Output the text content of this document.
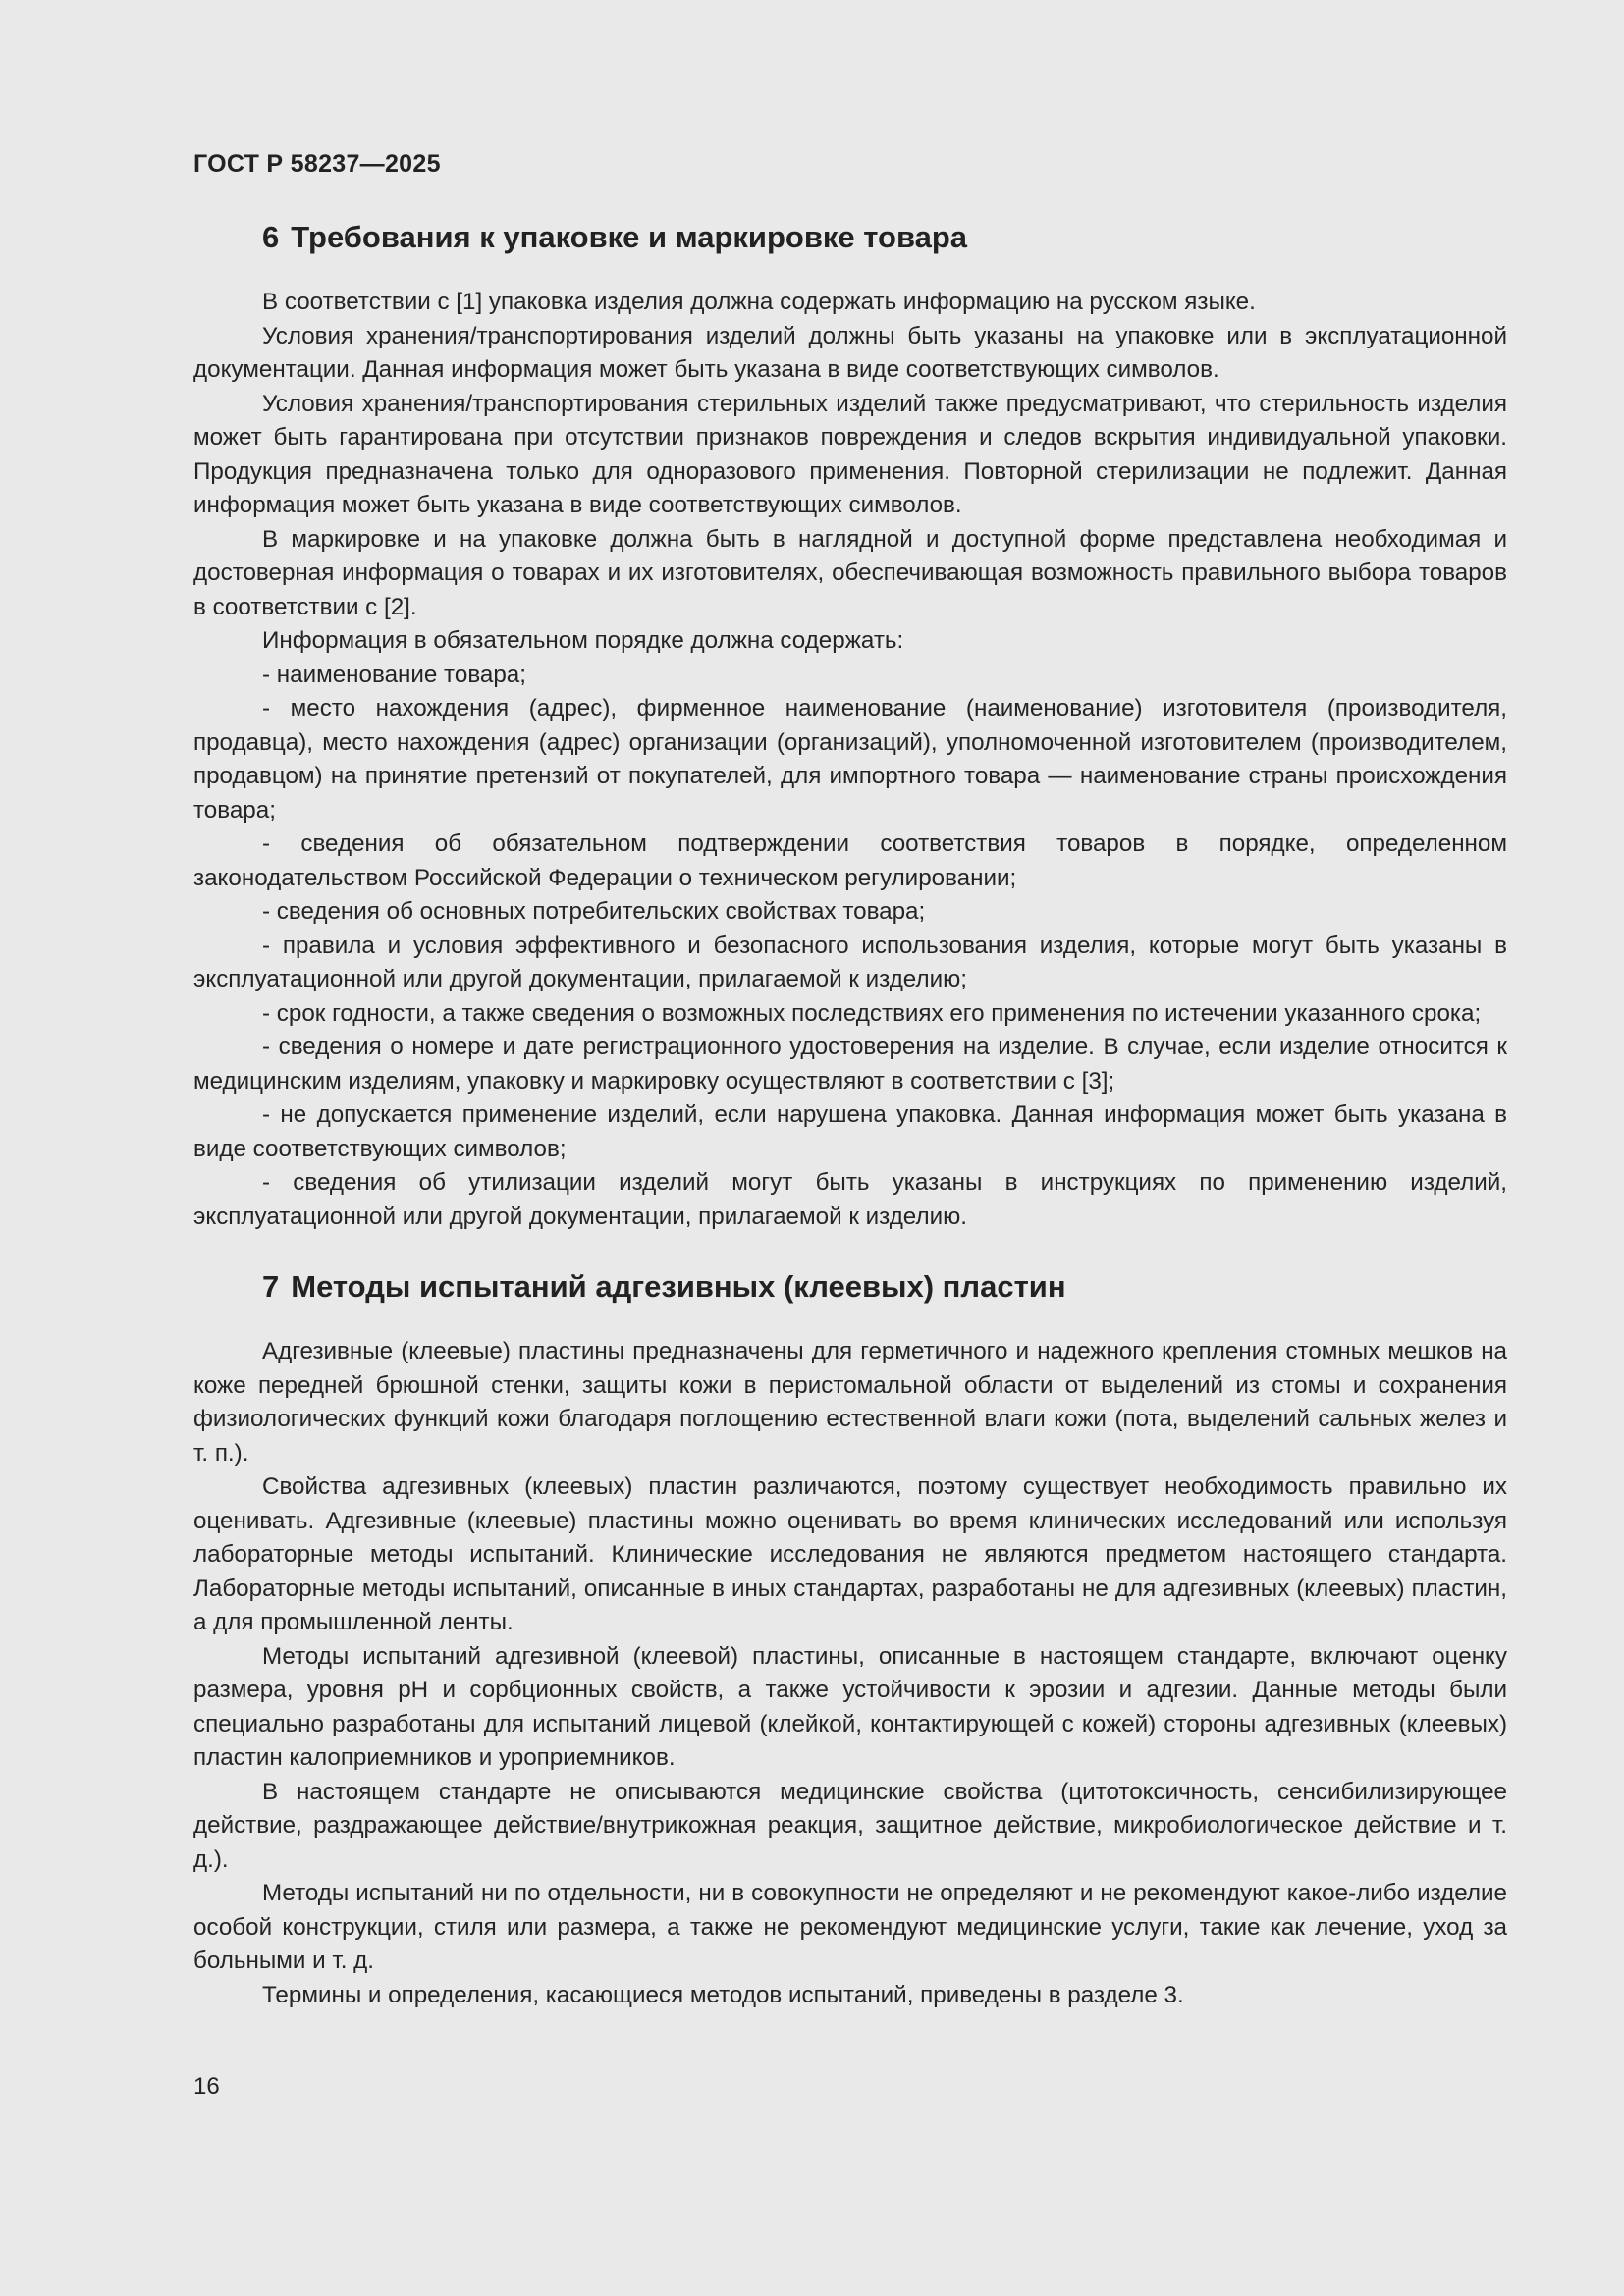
ГОСТ Р 58237—2025
6 Требования к упаковке и маркировке товара

В соответствии с [1] упаковка изделия должна содержать информацию на русском языке.

Условия хранения/транспортирования изделий должны быть указаны на упаковке или в эксплуатационной документации. Данная информация может быть указана в виде соответствующих символов.

Условия хранения/транспортирования стерильных изделий также предусматривают, что стерильность изделия может быть гарантирована при отсутствии признаков повреждения и следов вскрытия индивидуальной упаковки. Продукция предназначена только для одноразового применения. Повторной стерилизации не подлежит. Данная информация может быть указана в виде соответствующих символов.

В маркировке и на упаковке должна быть в наглядной и доступной форме представлена необходимая и достоверная информация о товарах и их изготовителях, обеспечивающая возможность правильного выбора товаров в соответствии с [2].

Информация в обязательном порядке должна содержать:

- наименование товара;

- место нахождения (адрес), фирменное наименование (наименование) изготовителя (производителя, продавца), место нахождения (адрес) организации (организаций), уполномоченной изготовителем (производителем, продавцом) на принятие претензий от покупателей, для импортного товара — наименование страны происхождения товара;

- сведения об обязательном подтверждении соответствия товаров в порядке, определенном законодательством Российской Федерации о техническом регулировании;

- сведения об основных потребительских свойствах товара;

- правила и условия эффективного и безопасного использования изделия, которые могут быть указаны в эксплуатационной или другой документации, прилагаемой к изделию;

- срок годности, а также сведения о возможных последствиях его применения по истечении указанного срока;

- сведения о номере и дате регистрационного удостоверения на изделие. В случае, если изделие относится к медицинским изделиям, упаковку и маркировку осуществляют в соответствии с [3];

- не допускается применение изделий, если нарушена упаковка. Данная информация может быть указана в виде соответствующих символов;

- сведения об утилизации изделий могут быть указаны в инструкциях по применению изделий, эксплуатационной или другой документации, прилагаемой к изделию.

7 Методы испытаний адгезивных (клеевых) пластин

Адгезивные (клеевые) пластины предназначены для герметичного и надежного крепления стомных мешков на коже передней брюшной стенки, защиты кожи в перистомальной области от выделений из стомы и сохранения физиологических функций кожи благодаря поглощению естественной влаги кожи (пота, выделений сальных желез и т. п.).

Свойства адгезивных (клеевых) пластин различаются, поэтому существует необходимость правильно их оценивать. Адгезивные (клеевые) пластины можно оценивать во время клинических исследований или используя лабораторные методы испытаний. Клинические исследования не являются предметом настоящего стандарта. Лабораторные методы испытаний, описанные в иных стандартах, разработаны не для адгезивных (клеевых) пластин, а для промышленной ленты.

Методы испытаний адгезивной (клеевой) пластины, описанные в настоящем стандарте, включают оценку размера, уровня pH и сорбционных свойств, а также устойчивости к эрозии и адгезии. Данные методы были специально разработаны для испытаний лицевой (клейкой, контактирующей с кожей) стороны адгезивных (клеевых) пластин калоприемников и уроприемников.

В настоящем стандарте не описываются медицинские свойства (цитотоксичность, сенсибилизирующее действие, раздражающее действие/внутрикожная реакция, защитное действие, микробиологическое действие и т. д.).

Методы испытаний ни по отдельности, ни в совокупности не определяют и не рекомендуют какое-либо изделие особой конструкции, стиля или размера, а также не рекомендуют медицинские услуги, такие как лечение, уход за больными и т. д.

Термины и определения, касающиеся методов испытаний, приведены в разделе 3.

16
